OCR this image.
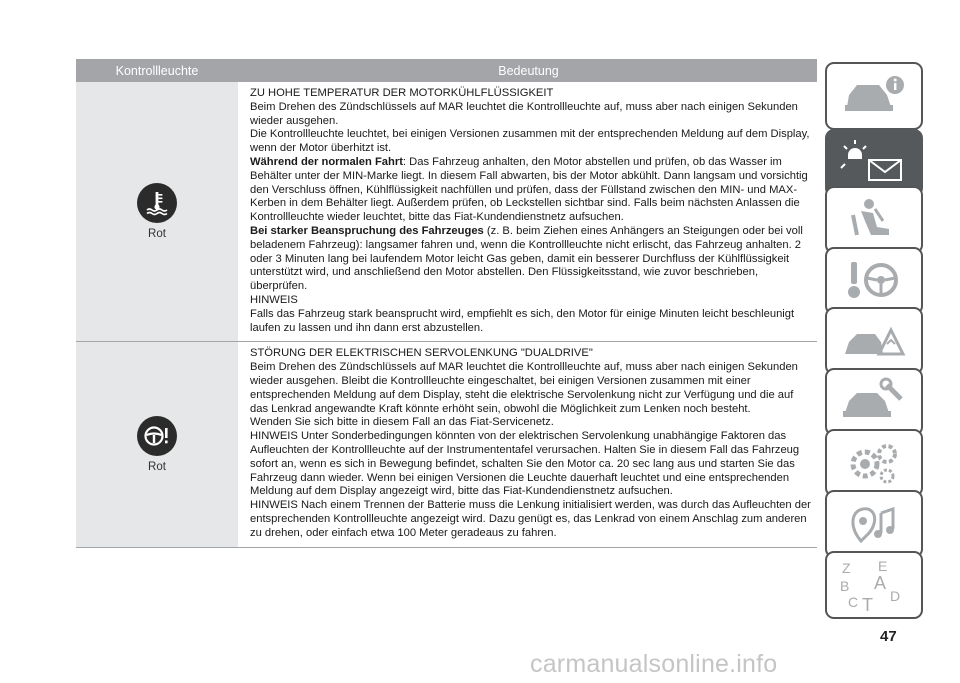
Kontrollleuchte	Bedeutung
Rot

ZU HOHE TEMPERATUR DER MOTORKÜHLFLÜSSIGKEIT

Beim Drehen des Zündschlüssels auf MAR leuchtet die Kontrollleuchte auf, muss aber nach einigen Sekunden wieder ausgehen.

Die Kontrollleuchte leuchtet, bei einigen Versionen zusammen mit der entsprechenden Meldung auf dem Display, wenn der Motor überhitzt ist.

Während der normalen Fahrt: Das Fahrzeug anhalten, den Motor abstellen und prüfen, ob das Wasser im Behälter unter der MIN-Marke liegt. In diesem Fall abwarten, bis der Motor abkühlt. Dann langsam und vorsichtig den Verschluss öffnen, Kühlflüssigkeit nachfüllen und prüfen, dass der Füllstand zwischen den MIN- und MAX-Kerben in dem Behälter liegt. Außerdem prüfen, ob Leckstellen sichtbar sind. Falls beim nächsten Anlassen die Kontrollleuchte wieder leuchtet, bitte das Fiat-Kundendienstnetz aufsuchen.

Bei starker Beanspruchung des Fahrzeuges (z. B. beim Ziehen eines Anhängers an Steigungen oder bei voll beladenem Fahrzeug): langsamer fahren und, wenn die Kontrollleuchte nicht erlischt, das Fahrzeug anhalten. 2 oder 3 Minuten lang bei laufendem Motor leicht Gas geben, damit ein besserer Durchfluss der Kühlflüssigkeit unterstützt wird, und anschließend den Motor abstellen. Den Flüssigkeitsstand, wie zuvor beschrieben, überprüfen.

HINWEIS

Falls das Fahrzeug stark beansprucht wird, empfiehlt es sich, den Motor für einige Minuten leicht beschleunigt laufen zu lassen und ihn dann erst abzustellen.

Rot

STÖRUNG DER ELEKTRISCHEN SERVOLENKUNG "DUALDRIVE"

Beim Drehen des Zündschlüssels auf MAR leuchtet die Kontrollleuchte auf, muss aber nach einigen Sekunden wieder ausgehen. Bleibt die Kontrollleuchte eingeschaltet, bei einigen Versionen zusammen mit einer entsprechenden Meldung auf dem Display, steht die elektrische Servolenkung nicht zur Verfügung und die auf das Lenkrad angewandte Kraft könnte erhöht sein, obwohl die Möglichkeit zum Lenken noch besteht.

Wenden Sie sich bitte in diesem Fall an das Fiat-Servicenetz.

HINWEIS Unter Sonderbedingungen könnten von der elektrischen Servolenkung unabhängige Faktoren das Aufleuchten der Kontrollleuchte auf der Instrumententafel verursachen. Halten Sie in diesem Fall das Fahrzeug sofort an, wenn es sich in Bewegung befindet, schalten Sie den Motor ca. 20 sec lang aus und starten Sie das Fahrzeug dann wieder. Wenn bei einigen Versionen die Leuchte dauerhaft leuchtet und eine entsprechenden Meldung auf dem Display angezeigt wird, bitte das Fiat-Kundendienstnetz aufsuchen.

HINWEIS Nach einem Trennen der Batterie muss die Lenkung initialisiert werden, was durch das Aufleuchten der entsprechenden Kontrollleuchte angezeigt wird. Dazu genügt es, das Lenkrad von einem Anschlag zum anderen zu drehen, oder einfach etwa 100 Meter geradeaus zu fahren.

Z E
B A
C T D
47
carmanualsonline.info
